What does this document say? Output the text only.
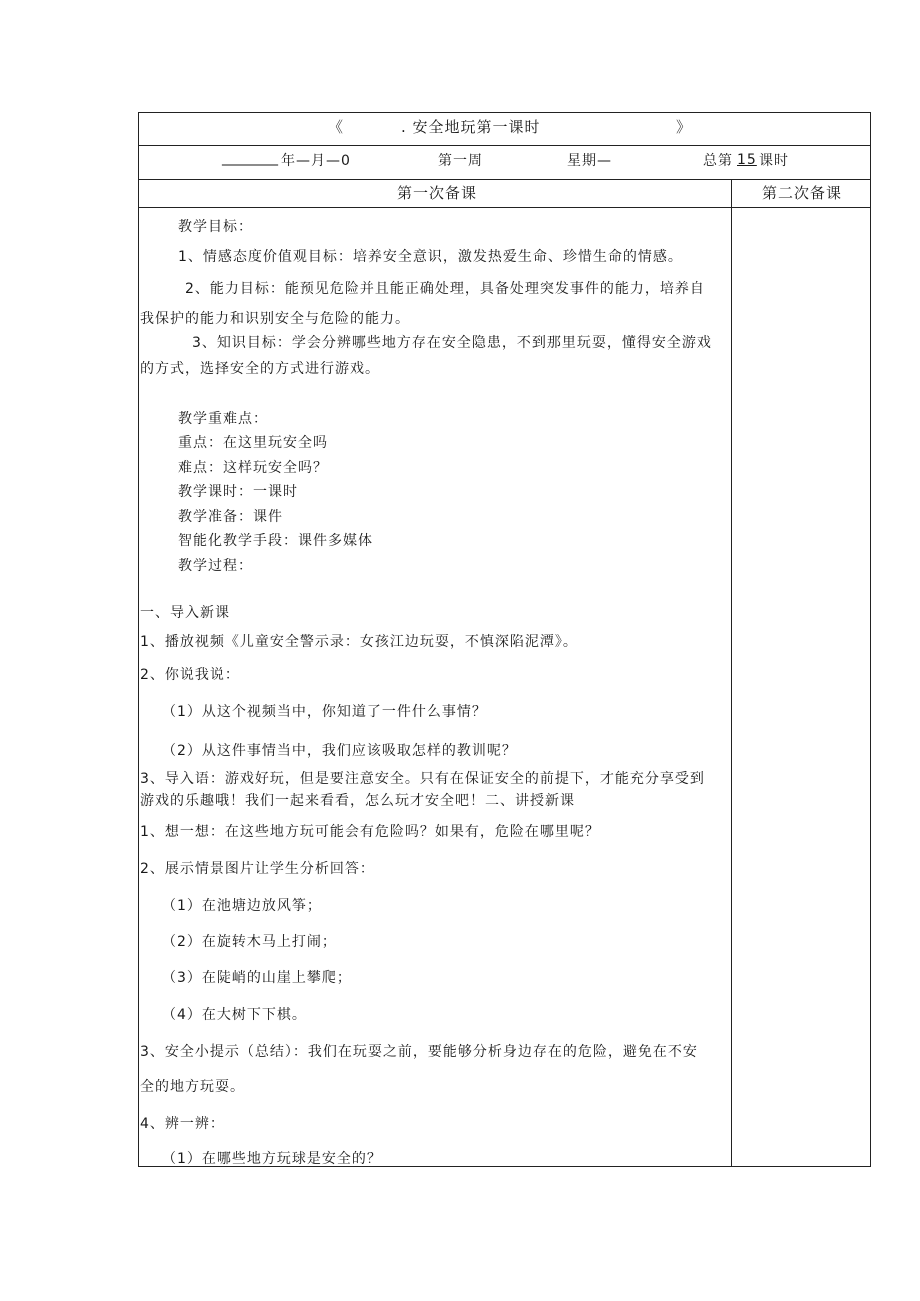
《	. 安全地玩第一课时	》
________ 年—月—0	第一周	星期—	总第 15 课时
第一次备课	第二次备课
教学目标：
1、情感态度价值观目标：培养安全意识，激发热爱生命、珍惜生命的情感。
2、能力目标：能预见危险并且能正确处理，具备处理突发事件的能力，培养自
我保护的能力和识别安全与危险的能力。
3、知识目标：学会分辨哪些地方存在安全隐患，不到那里玩耍，懂得安全游戏
的方式，选择安全的方式进行游戏。
教学重难点：
重点：在这里玩安全吗
难点：这样玩安全吗？
教学课时：一课时
教学准备：课件
智能化教学手段：课件多媒体
教学过程：
一、导入新课
1、播放视频《儿童安全警示录：女孩江边玩耍，不慎深陷泥潭》。
2、你说我说：
（1）从这个视频当中，你知道了一件什么事情？
（2）从这件事情当中，我们应该吸取怎样的教训呢？
3、导入语：游戏好玩，但是要注意安全。只有在保证安全的前提下，才能充分享受到
游戏的乐趣哦！我们一起来看看，怎么玩才安全吧！二、讲授新课
1、想一想：在这些地方玩可能会有危险吗？如果有，危险在哪里呢？
2、展示情景图片让学生分析回答：
（1）在池塘边放风筝；
（2）在旋转木马上打闹；
（3）在陡峭的山崖上攀爬；
（4）在大树下下棋。
3、安全小提示（总结）：我们在玩耍之前，要能够分析身边存在的危险，避免在不安
全的地方玩耍。
4、辨一辨：
（1）在哪些地方玩球是安全的？
